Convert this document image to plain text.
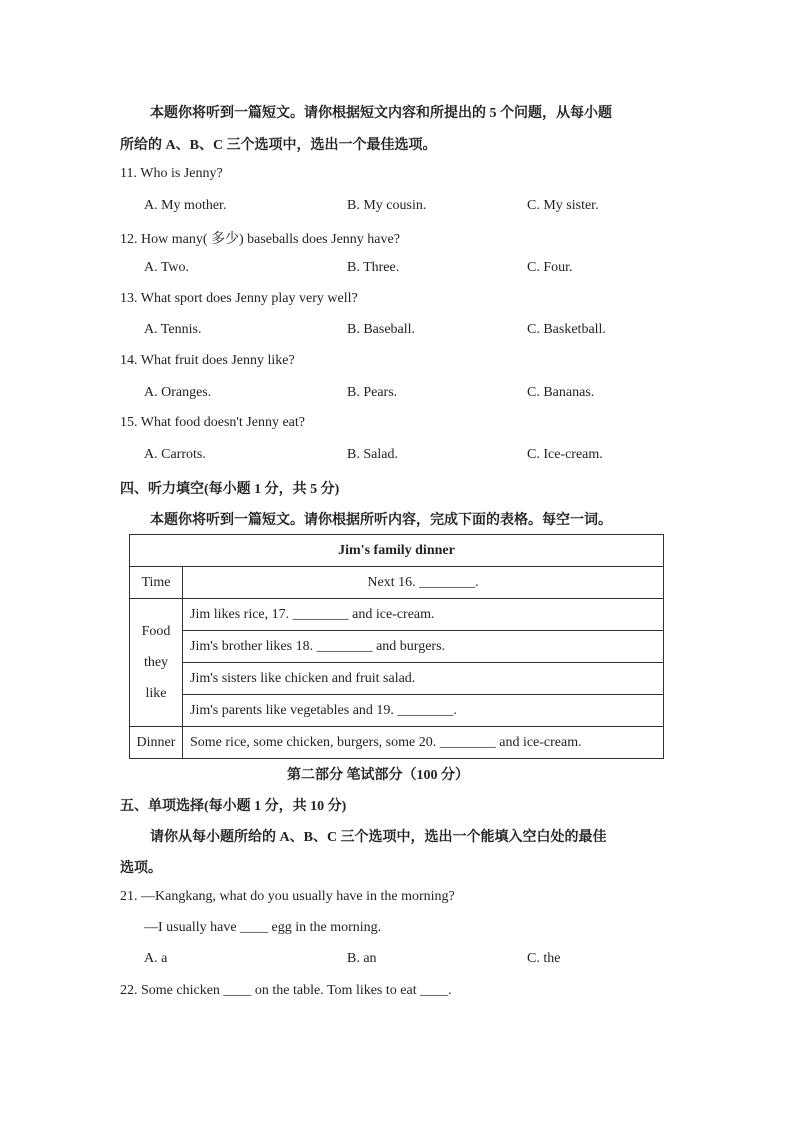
本题你将听到一篇短文。请你根据短文内容和所提出的 5 个问题，从每小题
所给的 A、B、C 三个选项中，选出一个最佳选项。
11. Who is Jenny?
A. My mother.	B. My cousin.	C. My sister.
12. How many( 多少) baseballs does Jenny have?
A. Two.	B. Three.	C. Four.
13. What sport does Jenny play very well?
A. Tennis.	B. Baseball.	C. Basketball.
14. What fruit does Jenny like?
A. Oranges.	B. Pears.	C. Bananas.
15. What food doesn't Jenny eat?
A. Carrots.	B. Salad.	C. Ice-cream.
四、听力填空(每小题 1 分，共 5 分)
本题你将听到一篇短文。请你根据所听内容，完成下面的表格。每空一词。
Jim's family dinner	
Time	Next 16. ________.

Food
they
like	Jim likes rice, 17. ________ and ice-cream.
	Jim's brother likes 18. ________ and burgers.
	Jim's sisters like chicken and fruit salad.
	Jim's parents like vegetables and 19. ________.
Dinner	Some rice, some chicken, burgers, some 20. ________ and ice-cream.
第二部分 笔试部分（100 分）
五、单项选择(每小题 1 分，共 10 分)
请你从每小题所给的 A、B、C 三个选项中，选出一个能填入空白处的最佳
选项。
21. —Kangkang, what do you usually have in the morning?
—I usually have ____ egg in the morning.
A. a	B. an	C. the
22. Some chicken ____ on the table. Tom likes to eat ____.
